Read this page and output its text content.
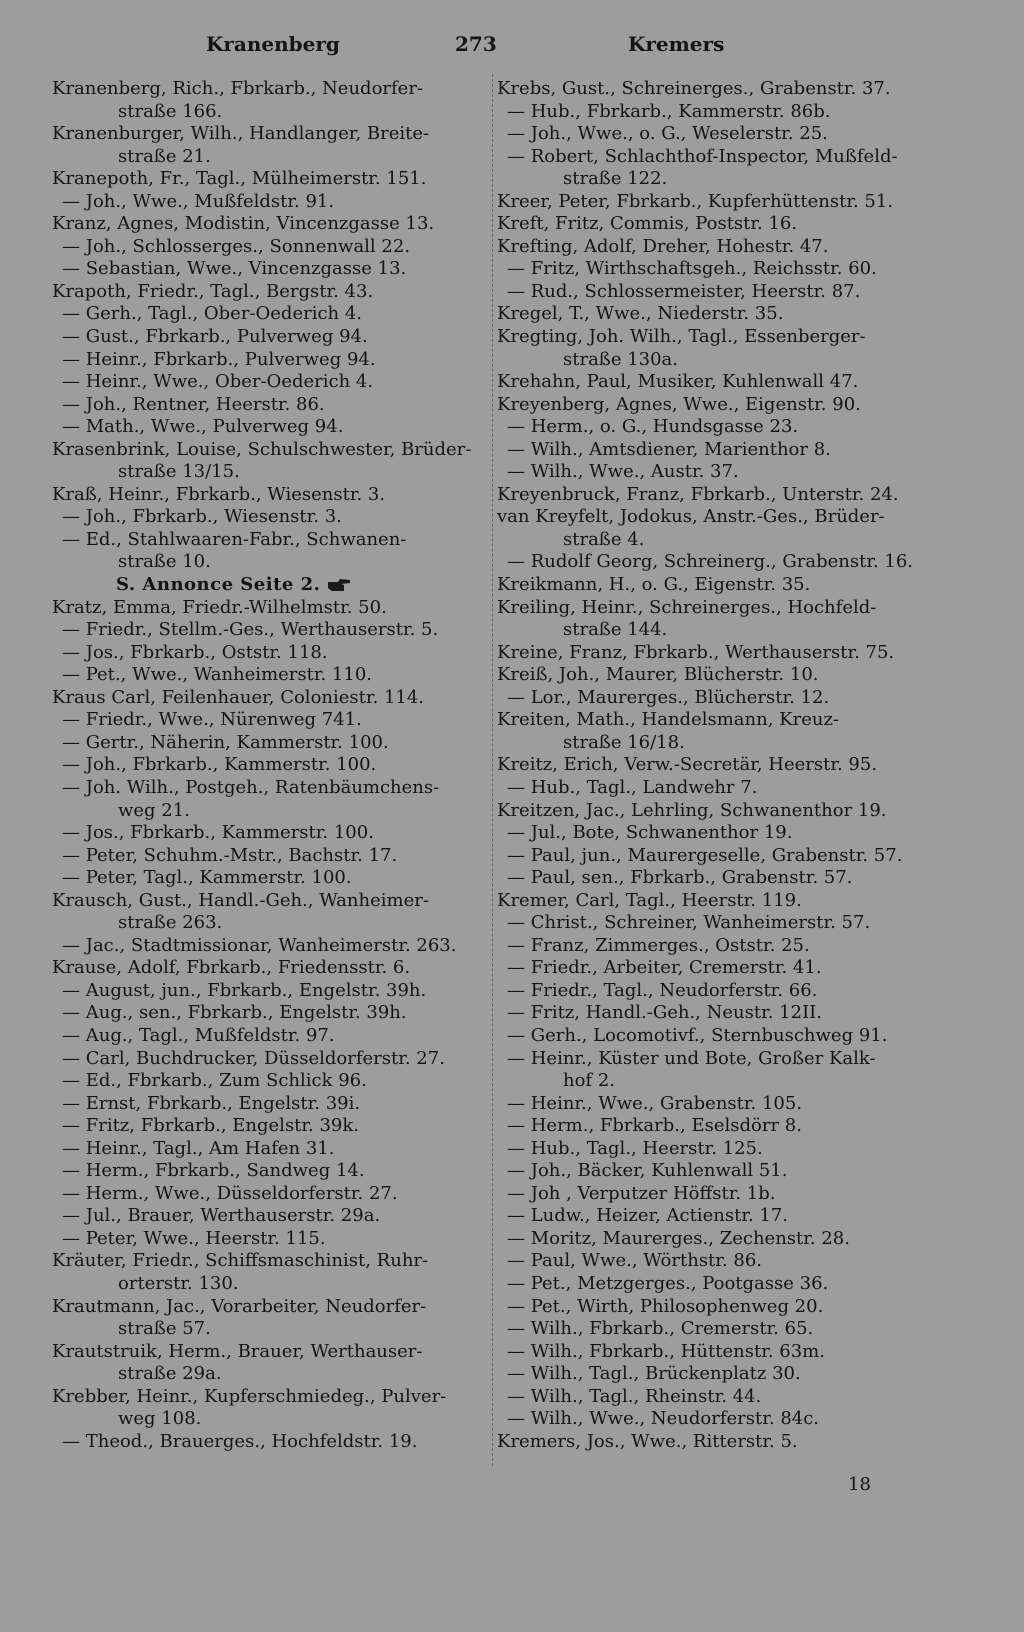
Kranenberg	273	Kremers
Kranenberg, Rich., Fbrkarb., Neudorfer-
straße 166.
Kranenburger, Wilh., Handlanger, Breite-
straße 21.
Kranepoth, Fr., Tagl., Mülheimerstr. 151.
— Joh., Wwe., Mußfeldstr. 91.
Kranz, Agnes, Modistin, Vincenzgasse 13.
— Joh., Schlosserges., Sonnenwall 22.
— Sebastian, Wwe., Vincenzgasse 13.
Krapoth, Friedr., Tagl., Bergstr. 43.
— Gerh., Tagl., Ober-Oederich 4.
— Gust., Fbrkarb., Pulverweg 94.
— Heinr., Fbrkarb., Pulverweg 94.
— Heinr., Wwe., Ober-Oederich 4.
— Joh., Rentner, Heerstr. 86.
— Math., Wwe., Pulverweg 94.
Krasenbrink, Louise, Schulschwester, Brüder-
straße 13/15.
Kraß, Heinr., Fbrkarb., Wiesenstr. 3.
— Joh., Fbrkarb., Wiesenstr. 3.
— Ed., Stahlwaaren-Fabr., Schwanen-
straße 10.
S. Annonce Seite 2.
Kratz, Emma, Friedr.-Wilhelmstr. 50.
— Friedr., Stellm.-Ges., Werthauserstr. 5.
— Jos., Fbrkarb., Oststr. 118.
— Pet., Wwe., Wanheimerstr. 110.
Kraus Carl, Feilenhauer, Coloniestr. 114.
— Friedr., Wwe., Nürenweg 741.
— Gertr., Näherin, Kammerstr. 100.
— Joh., Fbrkarb., Kammerstr. 100.
— Joh. Wilh., Postgeh., Ratenbäumchens-
weg 21.
— Jos., Fbrkarb., Kammerstr. 100.
— Peter, Schuhm.-Mstr., Bachstr. 17.
— Peter, Tagl., Kammerstr. 100.
Krausch, Gust., Handl.-Geh., Wanheimer-
straße 263.
— Jac., Stadtmissionar, Wanheimerstr. 263.
Krause, Adolf, Fbrkarb., Friedensstr. 6.
— August, jun., Fbrkarb., Engelstr. 39h.
— Aug., sen., Fbrkarb., Engelstr. 39h.
— Aug., Tagl., Mußfeldstr. 97.
— Carl, Buchdrucker, Düsseldorferstr. 27.
— Ed., Fbrkarb., Zum Schlick 96.
— Ernst, Fbrkarb., Engelstr. 39i.
— Fritz, Fbrkarb., Engelstr. 39k.
— Heinr., Tagl., Am Hafen 31.
— Herm., Fbrkarb., Sandweg 14.
— Herm., Wwe., Düsseldorferstr. 27.
— Jul., Brauer, Werthauserstr. 29a.
— Peter, Wwe., Heerstr. 115.
Kräuter, Friedr., Schiffsmaschinist, Ruhr-
orterstr. 130.
Krautmann, Jac., Vorarbeiter, Neudorfer-
straße 57.
Krautstruik, Herm., Brauer, Werthauser-
straße 29a.
Krebber, Heinr., Kupferschmiedeg., Pulver-
weg 108.
— Theod., Brauerges., Hochfeldstr. 19.
Krebs, Gust., Schreinerges., Grabenstr. 37.
— Hub., Fbrkarb., Kammerstr. 86b.
— Joh., Wwe., o. G., Weselerstr. 25.
— Robert, Schlachthof-Inspector, Mußfeld-
straße 122.
Kreer, Peter, Fbrkarb., Kupferhüttenstr. 51.
Kreft, Fritz, Commis, Poststr. 16.
Krefting, Adolf, Dreher, Hohestr. 47.
— Fritz, Wirthschaftsgeh., Reichsstr. 60.
— Rud., Schlossermeister, Heerstr. 87.
Kregel, T., Wwe., Niederstr. 35.
Kregting, Joh. Wilh., Tagl., Essenberger-
straße 130a.
Krehahn, Paul, Musiker, Kuhlenwall 47.
Kreyenberg, Agnes, Wwe., Eigenstr. 90.
— Herm., o. G., Hundsgasse 23.
— Wilh., Amtsdiener, Marienthor 8.
— Wilh., Wwe., Austr. 37.
Kreyenbruck, Franz, Fbrkarb., Unterstr. 24.
van Kreyfelt, Jodokus, Anstr.-Ges., Brüder-
straße 4.
— Rudolf Georg, Schreinerg., Grabenstr. 16.
Kreikmann, H., o. G., Eigenstr. 35.
Kreiling, Heinr., Schreinerges., Hochfeld-
straße 144.
Kreine, Franz, Fbrkarb., Werthauserstr. 75.
Kreiß, Joh., Maurer, Blücherstr. 10.
— Lor., Maurerges., Blücherstr. 12.
Kreiten, Math., Handelsmann, Kreuz-
straße 16/18.
Kreitz, Erich, Verw.-Secretär, Heerstr. 95.
— Hub., Tagl., Landwehr 7.
Kreitzen, Jac., Lehrling, Schwanenthor 19.
— Jul., Bote, Schwanenthor 19.
— Paul, jun., Maurergeselle, Grabenstr. 57.
— Paul, sen., Fbrkarb., Grabenstr. 57.
Kremer, Carl, Tagl., Heerstr. 119.
— Christ., Schreiner, Wanheimerstr. 57.
— Franz, Zimmerges., Oststr. 25.
— Friedr., Arbeiter, Cremerstr. 41.
— Friedr., Tagl., Neudorferstr. 66.
— Fritz, Handl.-Geh., Neustr. 12II.
— Gerh., Locomotivf., Sternbuschweg 91.
— Heinr., Küster und Bote, Großer Kalk-
hof 2.
— Heinr., Wwe., Grabenstr. 105.
— Herm., Fbrkarb., Eselsdörr 8.
— Hub., Tagl., Heerstr. 125.
— Joh., Bäcker, Kuhlenwall 51.
— Joh , Verputzer Höffstr. 1b.
— Ludw., Heizer, Actienstr. 17.
— Moritz, Maurerges., Zechenstr. 28.
— Paul, Wwe., Wörthstr. 86.
— Pet., Metzgerges., Pootgasse 36.
— Pet., Wirth, Philosophenweg 20.
— Wilh., Fbrkarb., Cremerstr. 65.
— Wilh., Fbrkarb., Hüttenstr. 63m.
— Wilh., Tagl., Brückenplatz 30.
— Wilh., Tagl., Rheinstr. 44.
— Wilh., Wwe., Neudorferstr. 84c.
Kremers, Jos., Wwe., Ritterstr. 5.
18
